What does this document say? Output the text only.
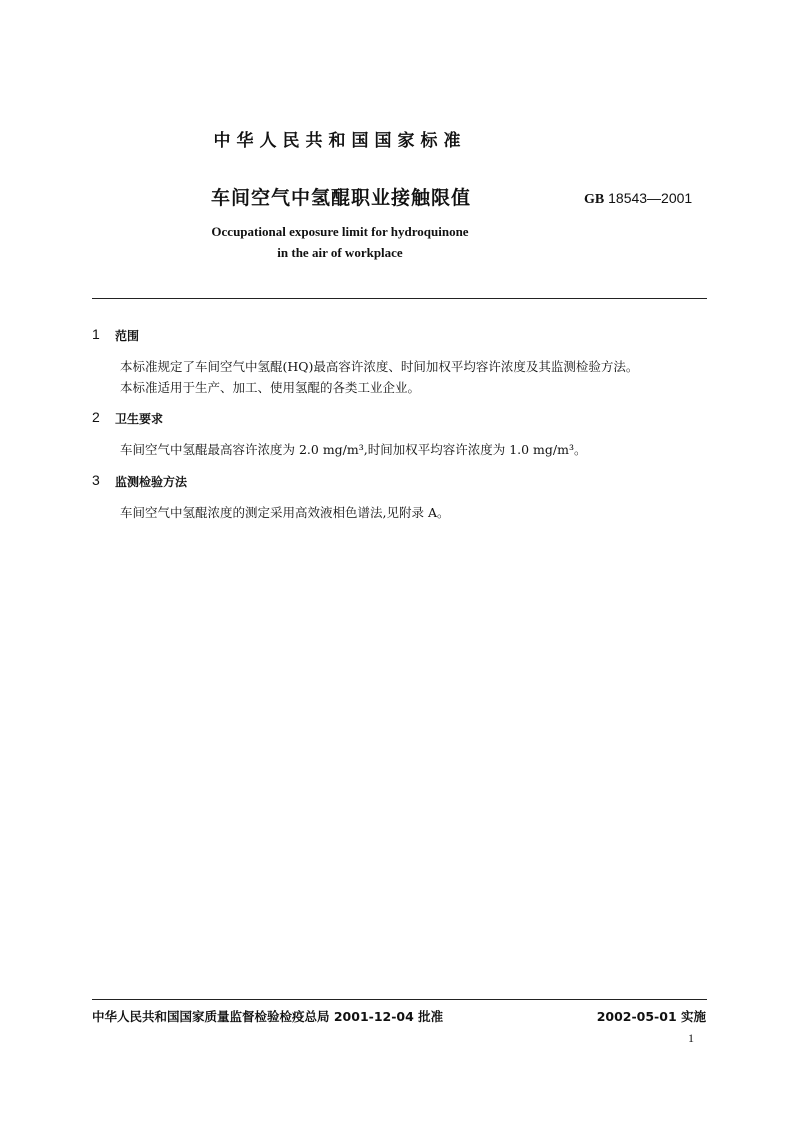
中华人民共和国国家标准
车间空气中氢醌职业接触限值	GB 18543—2001
Occupational exposure limit for hydroquinone
in the air of workplace
1 范围
本标准规定了车间空气中氢醌(HQ)最高容许浓度、时间加权平均容许浓度及其监测检验方法。
本标准适用于生产、加工、使用氢醌的各类工业企业。
2 卫生要求
车间空气中氢醌最高容许浓度为 2.0 mg/m³,时间加权平均容许浓度为 1.0 mg/m³。
3 监测检验方法
车间空气中氢醌浓度的测定采用高效液相色谱法,见附录 A。
中华人民共和国国家质量监督检验检疫总局 2001-12-04 批准	2002-05-01 实施
1
